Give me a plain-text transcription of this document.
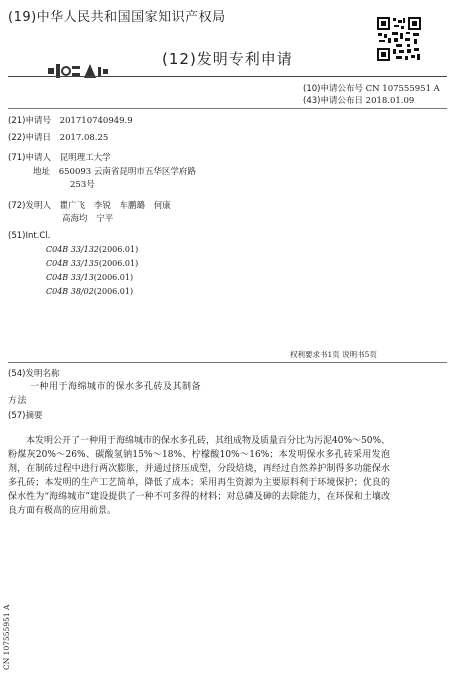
(19)中华人民共和国国家知识产权局
(12)发明专利申请
(10)申请公布号 CN 107555951 A
(43)申请公布日 2018.01.09
(21)申请号 201710740949.9
(22)申请日 2017.08.25
(71)申请人 昆明理工大学
地址 650093 云南省昆明市五华区学府路
253号
(72)发明人 瞿广飞 李锐 车鹏璐 何康
高海均 宁平
(51)Int.Cl.
C04B 33/132(2006.01)
C04B 33/135(2006.01)
C04B 33/13(2006.01)
C04B 38/02(2006.01)
权利要求书1页 说明书5页
(54)发明名称
一种用于海绵城市的保水多孔砖及其制备
方法
(57)摘要
本发明公开了一种用于海绵城市的保水多孔砖，其组成物及质量百分比为污泥40%～50%、粉煤灰20%～26%、碳酸氢钠15%～18%、柠檬酸10%～16%；本发明保水多孔砖采用发泡剂，在制砖过程中进行两次膨胀，并通过挤压成型，分段焙烧，再经过自然养护制得多功能保水多孔砖；本发明的生产工艺简单，降低了成本；采用再生资源为主要原料利于环境保护；优良的保水性为“海绵城市”建设提供了一种不可多得的材料；对总磷及砷的去除能力，在环保和土壤改良方面有极高的应用前景。
CN 107555951 A
